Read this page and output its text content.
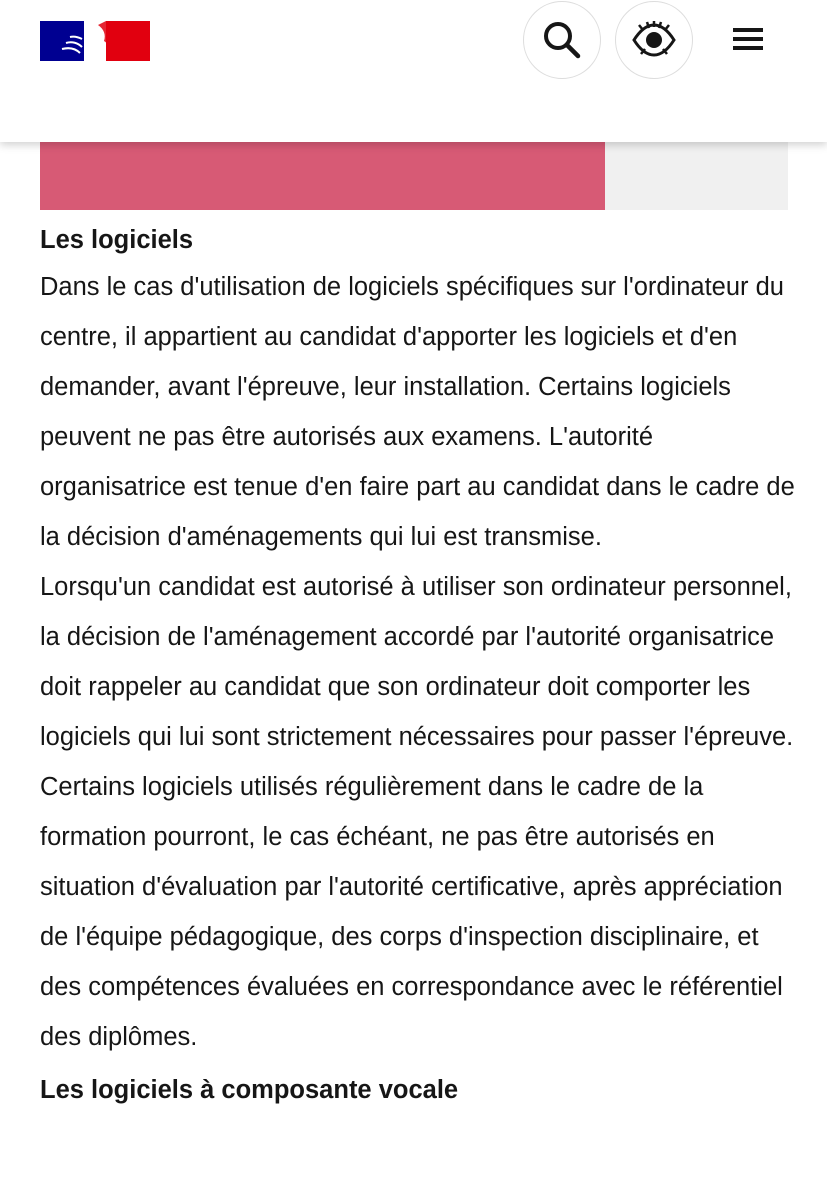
Les logiciels

Dans le cas d'utilisation de logiciels spécifiques sur l'ordinateur du centre, il appartient au candidat d'apporter les logiciels et d'en demander, avant l'épreuve, leur installation. Certains logiciels peuvent ne pas être autorisés aux examens. L'autorité organisatrice est tenue d'en faire part au candidat dans le cadre de la décision d'aménagements qui lui est transmise.

Lorsqu'un candidat est autorisé à utiliser son ordinateur personnel, la décision de l'aménagement accordé par l'autorité organisatrice doit rappeler au candidat que son ordinateur doit comporter les logiciels qui lui sont strictement nécessaires pour passer l'épreuve.

Certains logiciels utilisés régulièrement dans le cadre de la formation pourront, le cas échéant, ne pas être autorisés en situation d'évaluation par l'autorité certificative, après appréciation de l'équipe pédagogique, des corps d'inspection disciplinaire, et des compétences évaluées en correspondance avec le référentiel des diplômes.

Les logiciels à composante vocale
